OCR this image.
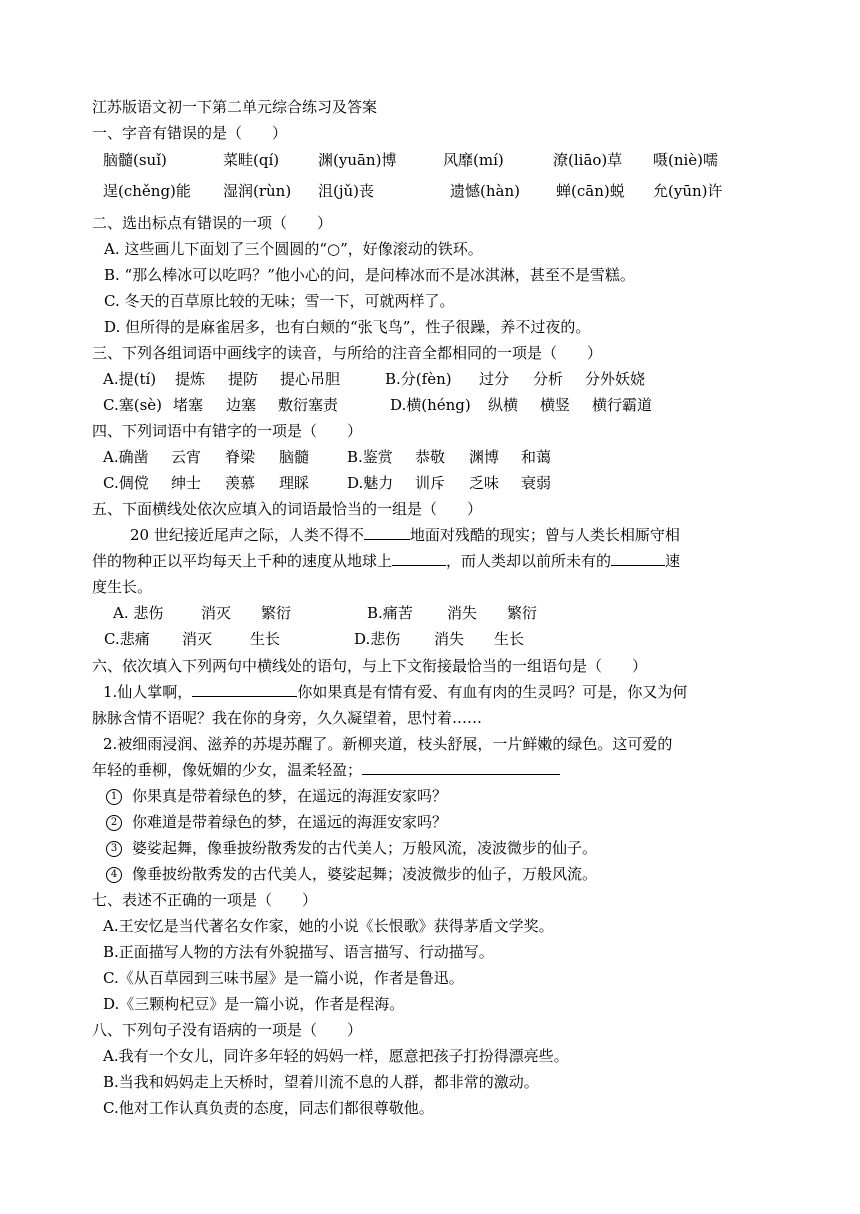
江苏版语文初一下第二单元综合练习及答案
一、字音有错误的是（　　）
脑髓(suǐ)	菜畦(qí)	渊(yuān)博	风靡(mí)	潦(liāo)草 嗫(niè)嚅
逞(chěng)能 湿润(rùn) 沮(jǔ)丧	遗憾(hàn) 蝉(cān)蜕 允(yūn)许
二、选出标点有错误的一项（　　）
A. 这些画儿下面划了三个圆圆的“○”，好像滚动的铁环。
B. “那么棒冰可以吃吗？”他小心的问，是问棒冰而不是冰淇淋，甚至不是雪糕。
C. 冬天的百草原比较的无味；雪一下，可就两样了。
D. 但所得的是麻雀居多，也有白颊的“张飞鸟”，性子很躁，养不过夜的。
三、下列各组词语中画线字的读音，与所给的注音全都相同的一项是（　　）
A.提(tí) 提炼 提防 提心吊胆	B.分(fèn) 过分 分析 分外妖娆
C.塞(sè) 堵塞 边塞 敷衍塞责	D.横(héng) 纵横 横竖 横行霸道
四、下列词语中有错字的一项是（　　）
A.确凿 云宵 脊梁 脑髓	B.鉴赏 恭敬 渊博 和蔼
C.倜傥 绅士 羡慕 理睬	D.魅力 训斥 乏味 衰弱
五、下面横线处依次应填入的词语最恰当的一组是（　　）
20 世纪接近尾声之际，人类不得不	地面对残酷的现实；曾与人类长相厮守相
伴的物种正以平均每天上千种的速度从地球上	，而人类却以前所未有的	速
度生长。
A. 悲伤	消灭 繁衍	B.痛苦 消失 繁衍
C.悲痛 消灭	生长	D.悲伤 消失 生长
六、依次填入下列两句中横线处的语句，与上下文衔接最恰当的一组语句是（　　）
1.仙人掌啊，	你如果真是有情有爱、有血有肉的生灵吗？可是，你又为何
脉脉含情不语呢？我在你的身旁，久久凝望着，思忖着……
2.被细雨浸润、滋养的苏堤苏醒了。新柳夹道，枝头舒展，一片鲜嫩的绿色。这可爱的
年轻的垂柳，像妩媚的少女，温柔轻盈；
1 你果真是带着绿色的梦，在遥远的海涯安家吗？
2 你难道是带着绿色的梦，在遥远的海涯安家吗？
3 婆娑起舞，像垂披纷散秀发的古代美人；万般风流，凌波微步的仙子。
4 像垂披纷散秀发的古代美人，婆娑起舞；凌波微步的仙子，万般风流。
七、表述不正确的一项是（　　）
A.王安忆是当代著名女作家，她的小说《长恨歌》获得茅盾文学奖。
B.正面描写人物的方法有外貌描写、语言描写、行动描写。
C.《从百草园到三味书屋》是一篇小说，作者是鲁迅。
D.《三颗枸杞豆》是一篇小说，作者是程海。
八、下列句子没有语病的一项是（　　）
A.我有一个女儿，同许多年轻的妈妈一样，愿意把孩子打扮得漂亮些。
B.当我和妈妈走上天桥时，望着川流不息的人群，都非常的激动。
C.他对工作认真负责的态度，同志们都很尊敬他。
